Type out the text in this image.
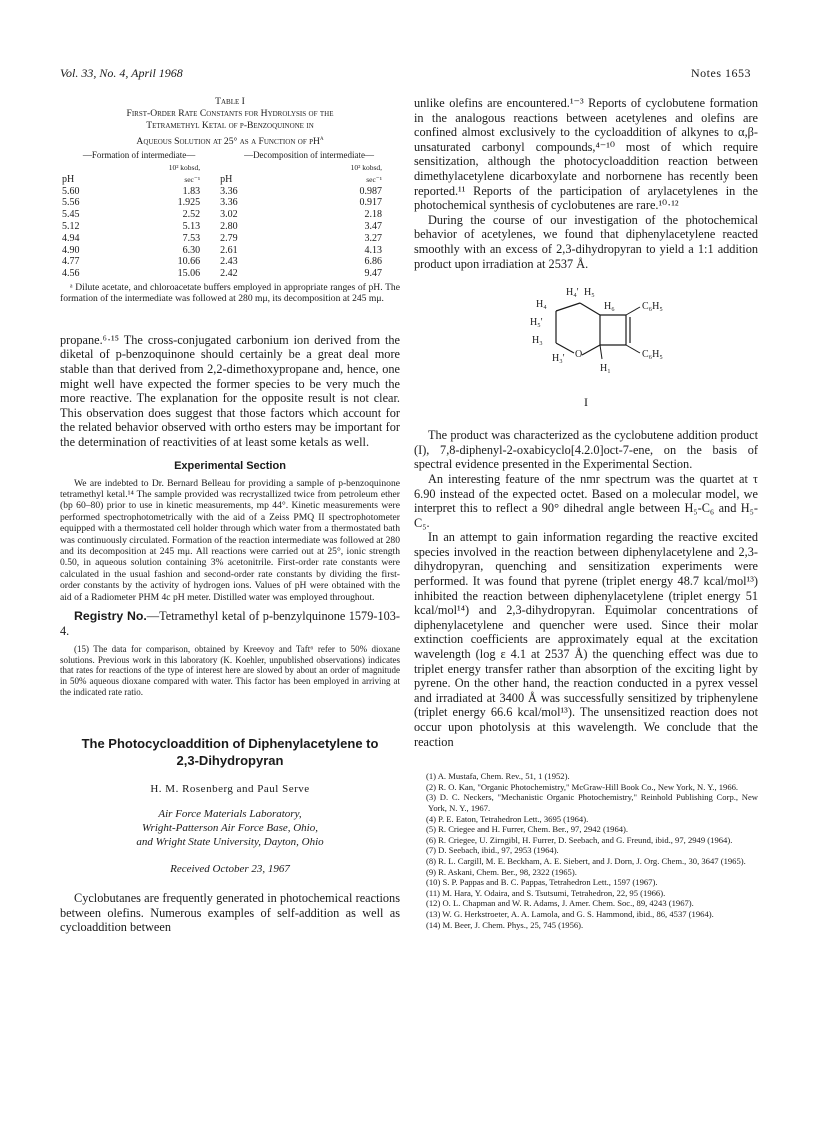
Vol. 33, No. 4, April 1968	Notes 1653
Table I
First-Order Rate Constants for Hydrolysis of the
Tetramethyl Ketal of p-Benzoquinone in
Aqueous Solution at 25° as a Function of $pH^a$
—Formation of intermediate—		—Decomposition of intermediate—	
	10² kobsd,		10² kobsd,
pH	sec⁻¹	pH	sec⁻¹
5.60	1.83	3.36	0.987
5.56	1.925	3.36	0.917
5.45	2.52	3.02	2.18
5.12	5.13	2.80	3.47
4.94	7.53	2.79	3.27
4.90	6.30	2.61	4.13
4.77	10.66	2.43	6.86
4.56	15.06	2.42	9.47

ᵃ Dilute acetate, and chloroacetate buffers employed in appropriate ranges of pH. The formation of the intermediate was followed at 280 mμ, its decomposition at 245 mμ.

propane.⁶·¹⁵ The cross-conjugated carbonium ion derived from the diketal of p-benzoquinone should certainly be a great deal more stable than that derived from 2,2-dimethoxypropane and, hence, one might well have expected the former species to be very much the more reactive. The explanation for the opposite result is not clear. This observation does suggest that those factors which account for the related behavior observed with ortho esters may be important for the determination of reactivities of at least some ketals as well.

Experimental Section

We are indebted to Dr. Bernard Belleau for providing a sample of p-benzoquinone tetramethyl ketal.¹⁴ The sample provided was recrystallized twice from petroleum ether (bp 60–80) prior to use in kinetic measurements, mp 44°. Kinetic measurements were performed spectrophotometrically with the aid of a Zeiss PMQ II spectrophotometer equipped with a thermostated cell holder through which water from a thermostated bath was continuously circulated. Formation of the reaction intermediate was followed at 280 and its decomposition at 245 mμ. All reactions were carried out at 25°, ionic strength 0.50, in aqueous solution containing 3% acetonitrile. First-order rate constants were calculated in the usual fashion and second-order rate constants by dividing the first-order constants by the activity of hydrogen ions. Values of pH were obtained with the aid of a Radiometer PHM 4c pH meter. Distilled water was employed throughout.

Registry No.—Tetramethyl ketal of p-benzylquinone 1579-103-4.

(15) The data for comparison, obtained by Kreevoy and Taft⁶ refer to 50% dioxane solutions. Previous work in this laboratory (K. Koehler, unpublished observations) indicates that rates for reactions of the type of interest here are slowed by about an order of magnitude in 50% aqueous dioxane compared with water. This factor has been employed in arriving at the indicated rate ratio.

The Photocycloaddition of Diphenylacetylene to

2,3-Dihydropyran

H. M. Rosenberg and Paul Serve
Air Force Materials Laboratory,
Wright-Patterson Air Force Base, Ohio,
and Wright State University, Dayton, Ohio
Received October 23, 1967

Cyclobutanes are frequently generated in photochemical reactions between olefins. Numerous examples of self-addition as well as cycloaddition between

unlike olefins are encountered.¹⁻³ Reports of cyclobutene formation in the analogous reactions between acetylenes and olefins are confined almost exclusively to the cycloaddition of alkynes to α,β-unsaturated carbonyl compounds,⁴⁻¹⁰ most of which require sensitization, although the photocycloaddition reaction between dimethylacetylene dicarboxylate and norbornene has recently been reported.¹¹ Reports of the participation of arylacetylenes in the photochemical synthesis of cyclobutenes are rare.¹⁰·¹²

During the course of our investigation of the photochemical behavior of acetylenes, we found that diphenylacetylene reacted smoothly with an excess of 2,3-dihydropyran to yield a 1:1 addition product upon irradiation at 2537 Å.

H₄
H₄' H₅
H₆	C₆H₅
H₅'
H₃
O	C₆H₅
H₃'
H₁
I

The product was characterized as the cyclobutene addition product (I), 7,8-diphenyl-2-oxabicyclo[4.2.0]oct-7-ene, on the basis of spectral evidence presented in the Experimental Section.

An interesting feature of the nmr spectrum was the quartet at τ 6.90 instead of the expected octet. Based on a molecular model, we interpret this to reflect a 90° dihedral angle between H₅-C₆ and H₅-C₅.

In an attempt to gain information regarding the reactive excited species involved in the reaction between diphenylacetylene and 2,3-dihydropyran, quenching and sensitization experiments were performed. It was found that pyrene (triplet energy 48.7 kcal/mol¹³) inhibited the reaction between diphenylacetylene (triplet energy 51 kcal/mol¹⁴) and 2,3-dihydropyran. Equimolar concentrations of diphenylacetylene and quencher were used. Since their molar extinction coefficients are approximately equal at the excitation wavelength (log ε 4.1 at 2537 Å) the quenching effect was due to triplet energy transfer rather than absorption of the exciting light by pyrene. On the other hand, the reaction conducted in a pyrex vessel and irradiated at 3400 Å was successfully sensitized by triphenylene (triplet energy 66.6 kcal/mol¹³). The unsensitized reaction does not occur upon photolysis at this wavelength. We conclude that the reaction

(1) A. Mustafa, Chem. Rev., 51, 1 (1952).

(2) R. O. Kan, "Organic Photochemistry," McGraw-Hill Book Co., New York, N. Y., 1966.

(3) D. C. Neckers, "Mechanistic Organic Photochemistry," Reinhold Publishing Corp., New York, N. Y., 1967.

(4) P. E. Eaton, Tetrahedron Lett., 3695 (1964).

(5) R. Criegee and H. Furrer, Chem. Ber., 97, 2942 (1964).

(6) R. Criegee, U. Zirngibl, H. Furrer, D. Seebach, and G. Freund, ibid., 97, 2949 (1964).

(7) D. Seebach, ibid., 97, 2953 (1964).

(8) R. L. Cargill, M. E. Beckham, A. E. Siebert, and J. Dorn, J. Org. Chem., 30, 3647 (1965).

(9) R. Askani, Chem. Ber., 98, 2322 (1965).

(10) S. P. Pappas and B. C. Pappas, Tetrahedron Lett., 1597 (1967).

(11) M. Hara, Y. Odaira, and S. Tsutsumi, Tetrahedron, 22, 95 (1966).

(12) O. L. Chapman and W. R. Adams, J. Amer. Chem. Soc., 89, 4243 (1967).

(13) W. G. Herkstroeter, A. A. Lamola, and G. S. Hammond, ibid., 86, 4537 (1964).

(14) M. Beer, J. Chem. Phys., 25, 745 (1956).
